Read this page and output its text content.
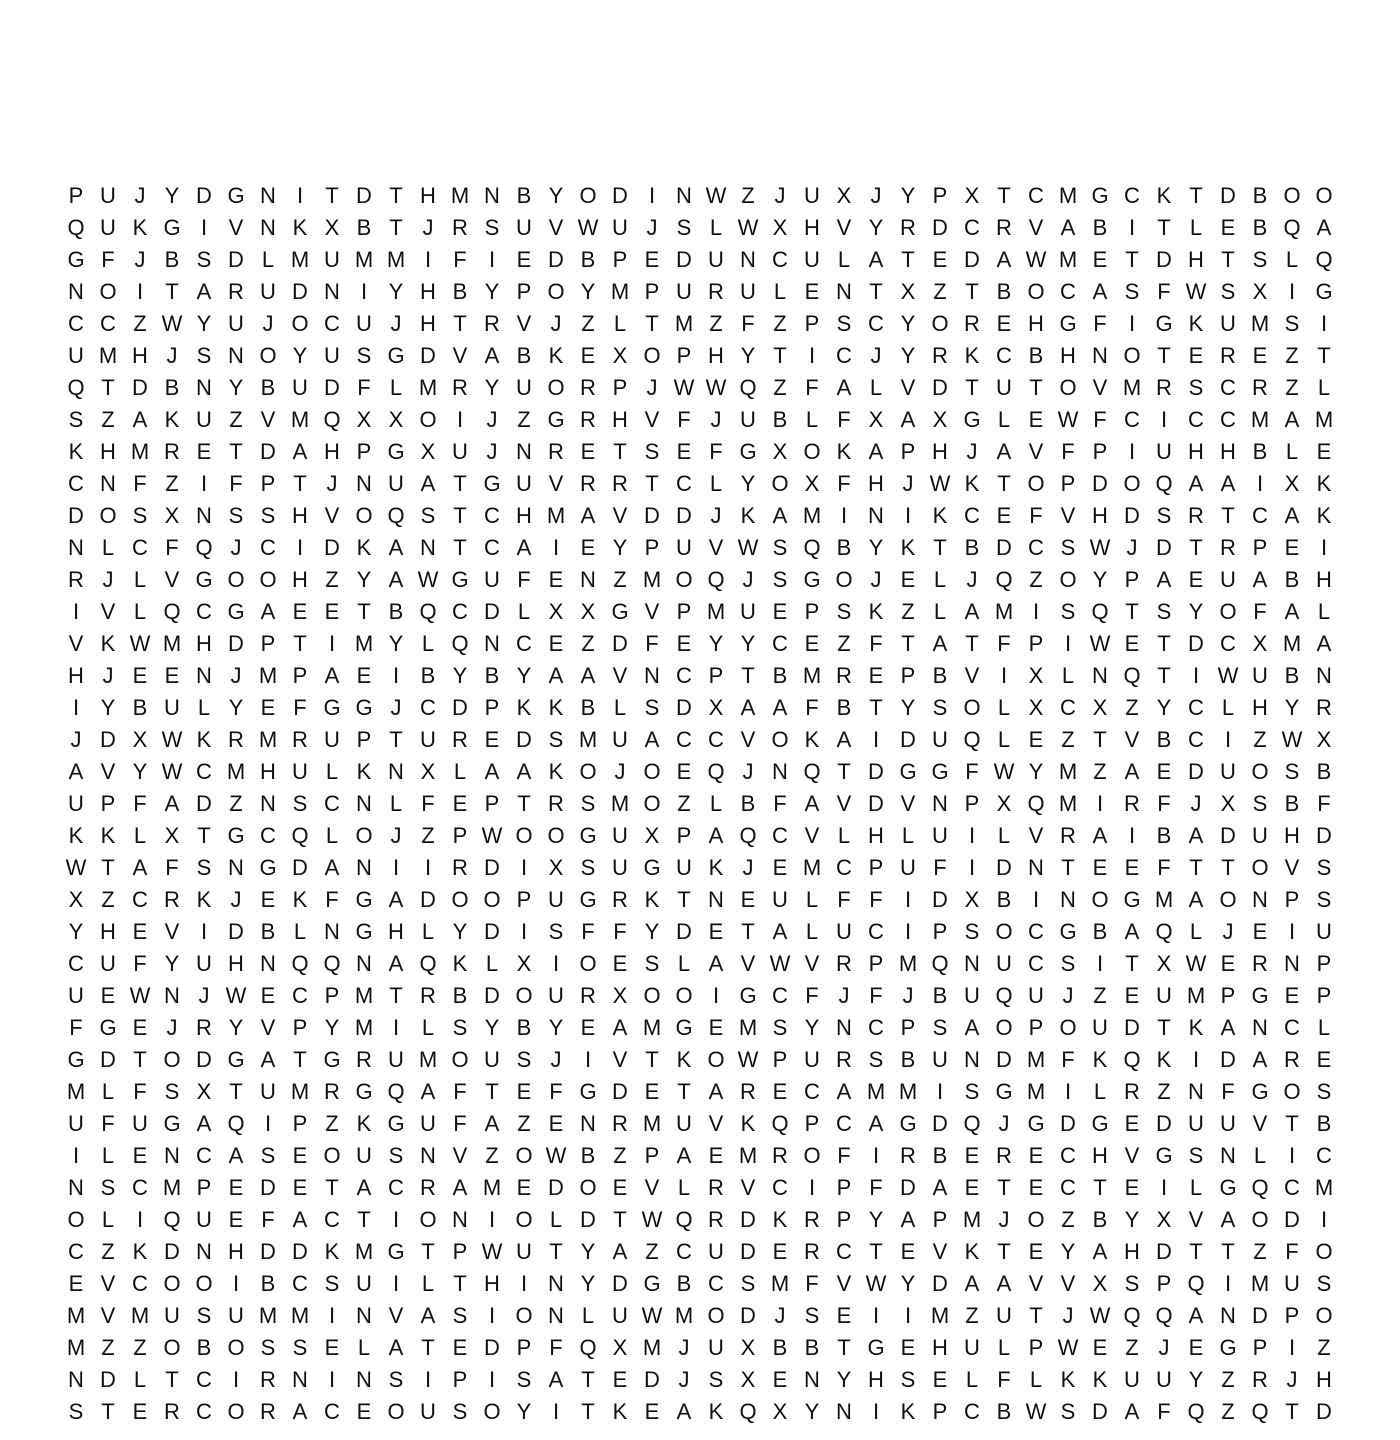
P U J Y D G N I	T D T H M N B Y O D I N W Z J U X J Y P X T C M G C K T D B O O
Q U K G I V N K X B T J R S U V W U J S L W X H V Y R D C R V A B I	T L E B Q A
G F J B S D L M U M M I	F	I E D B P E D U N C U L A T E D A W M E T D H T S L Q
N O I	T A R U D N I Y H B Y P O Y M P U R U L E N T X Z T B O C A S F W S X I G
C C Z W Y U J O C U J H T R V J Z L T M Z F Z P S C Y O R E H G F	I G K U M S I
U M H J S N O Y U S G D V A B K E X O P H Y T	I C J Y R K C B H N O T E R E Z T
Q T D B N Y B U D F L M R Y U O R P J W W Q Z F A L V D T U T O V M R S C R Z L
S Z A K U Z V M Q X X O I	J Z G R H V F J U B L F X A X G L E W F C I C C M A M
K H M R E T D A H P G X U J N R E T S E F G X O K A P H J A V F P I U H H B L E
C N F Z	I	F P T J N U A T G U V R R T C L Y O X F H J W K T O P D O Q A A I X K
D O S X N S S H V O Q S T C H M A V D D J K A M I N I K C E F V H D S R T C A K
N L C F Q J C I D K A N T C A I E Y P U V W S Q B Y K T B D C S W J D T R P E I
R J L V G O O H Z Y A W G U F E N Z M O Q J S G O J E L J Q Z O Y P A E U A B H
I V L Q C G A E E T B Q C D L X X G V P M U E P S K Z L A M I S Q T S Y O F A L
V K W M H D P T	I M Y L Q N C E Z D F E Y Y C E Z F T A T F P I W E T D C X M A
H J E E N J M P A E I B Y B Y A A V N C P T B M R E P B V I X L N Q T	I W U B N
I Y B U L Y E F G G J C D P K K B L S D X A A F B T Y S O L X C X Z Y C L H Y R
J D X W K R M R U P T U R E D S M U A C C V O K A I D U Q L E Z T V B C I	Z W X
A V Y W C M H U L K N X L A A K O J O E Q J N Q T D G G F W Y M Z A E D U O S B
U P F A D Z N S C N L F E P T R S M O Z L B F A V D V N P X Q M I R F J X S B F
K K L X T G C Q L O J Z P W O O G U X P A Q C V L H L U I	L V R A I B A D U H D
W T A F S N G D A N I	I R D I X S U G U K J E M C P U F	I D N T E E F T T O V S
X Z C R K J E K F G A D O O P U G R K T N E U L F F	I D X B I N O G M A O N P S
Y H E V I D B L N G H L Y D I S F F Y D E T A L U C I P S O C G B A Q L J E I U
C U F Y U H N Q Q N A Q K L X I O E S L A V W V R P M Q N U C S I	T X W E R N P
U E W N J W E C P M T R B D O U R X O O I G C F J F J B U Q U J Z E U M P G E P
F G E J R Y V P Y M I	L S Y B Y E A M G E M S Y N C P S A O P O U D T K A N C L
G D T O D G A T G R U M O U S J	I V T K O W P U R S B U N D M F K Q K I D A R E
M L F S X T U M R G Q A F T E F G D E T A R E C A M M I S G M I	L R Z N F G O S
U F U G A Q I P Z K G U F A Z E N R M U V K Q P C A G D Q J G D G E D U U V T B
I	L E N C A S E O U S N V Z O W B Z P A E M R O F	I R B E R E C H V G S N L	I C
N S C M P E D E T A C R A M E D O E V L R V C I P F D A E T E C T E I	L G Q C M
O L	I Q U E F A C T	I O N I O L D T W Q R D K R P Y A P M J O Z B Y X V A O D I
C Z K D N H D D K M G T P W U T Y A Z C U D E R C T E V K T E Y A H D T T Z F O
E V C O O I B C S U I	L T H I N Y D G B C S M F V W Y D A A V V X S P Q I M U S
M V M U S U M M I N V A S I O N L U W M O D J S E I	I M Z U T J W Q Q A N D P O
M Z Z O B O S S E L A T E D P F Q X M J U X B B T G E H U L P W E Z J E G P I	Z
N D L T C I R N I N S I P I S A T E D J S X E N Y H S E L F L K K U U Y Z R J H
S T E R C O R A C E O U S O Y I	T K E A K Q X Y N I K P C B W S D A F Q Z Q T D
